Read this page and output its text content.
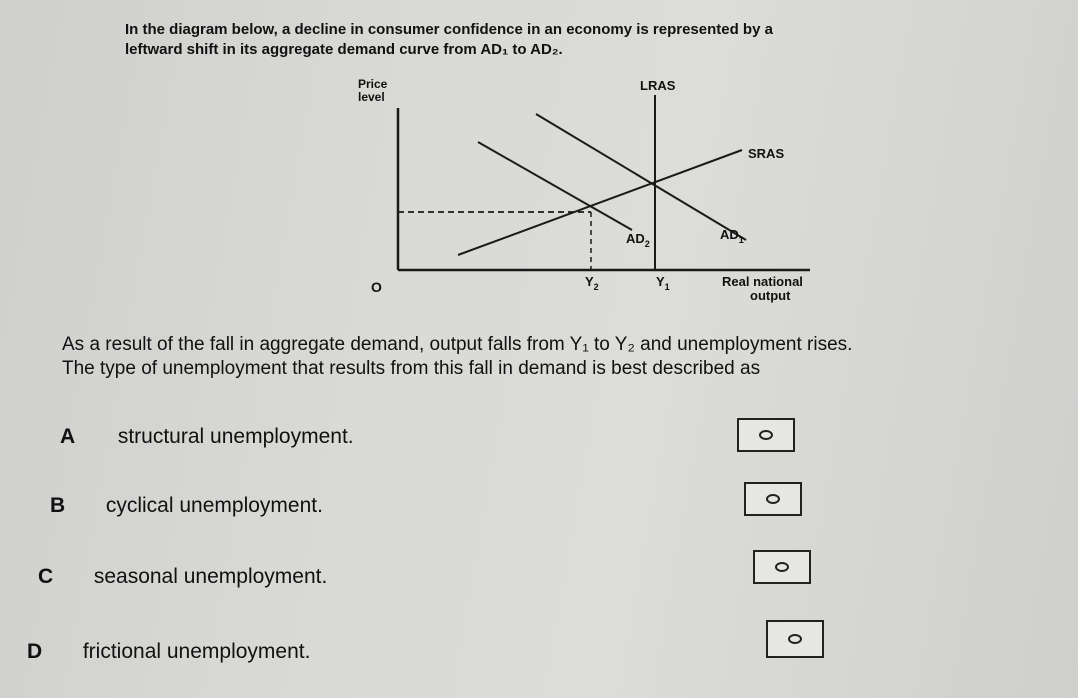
In the diagram below, a decline in consumer confidence in an economy is represented by a
leftward shift in its aggregate demand curve from AD₁ to AD₂.
Price
level
LRAS
SRAS
O
$AD_2$
$AD_1$
$Y_2$	$Y_1$	Real national
output
As a result of the fall in aggregate demand, output falls from Y₁ to Y₂ and unemployment rises.
The type of unemployment that results from this fall in demand is best described as
A structural unemployment.
B cyclical unemployment.
C seasonal unemployment.
D frictional unemployment.
